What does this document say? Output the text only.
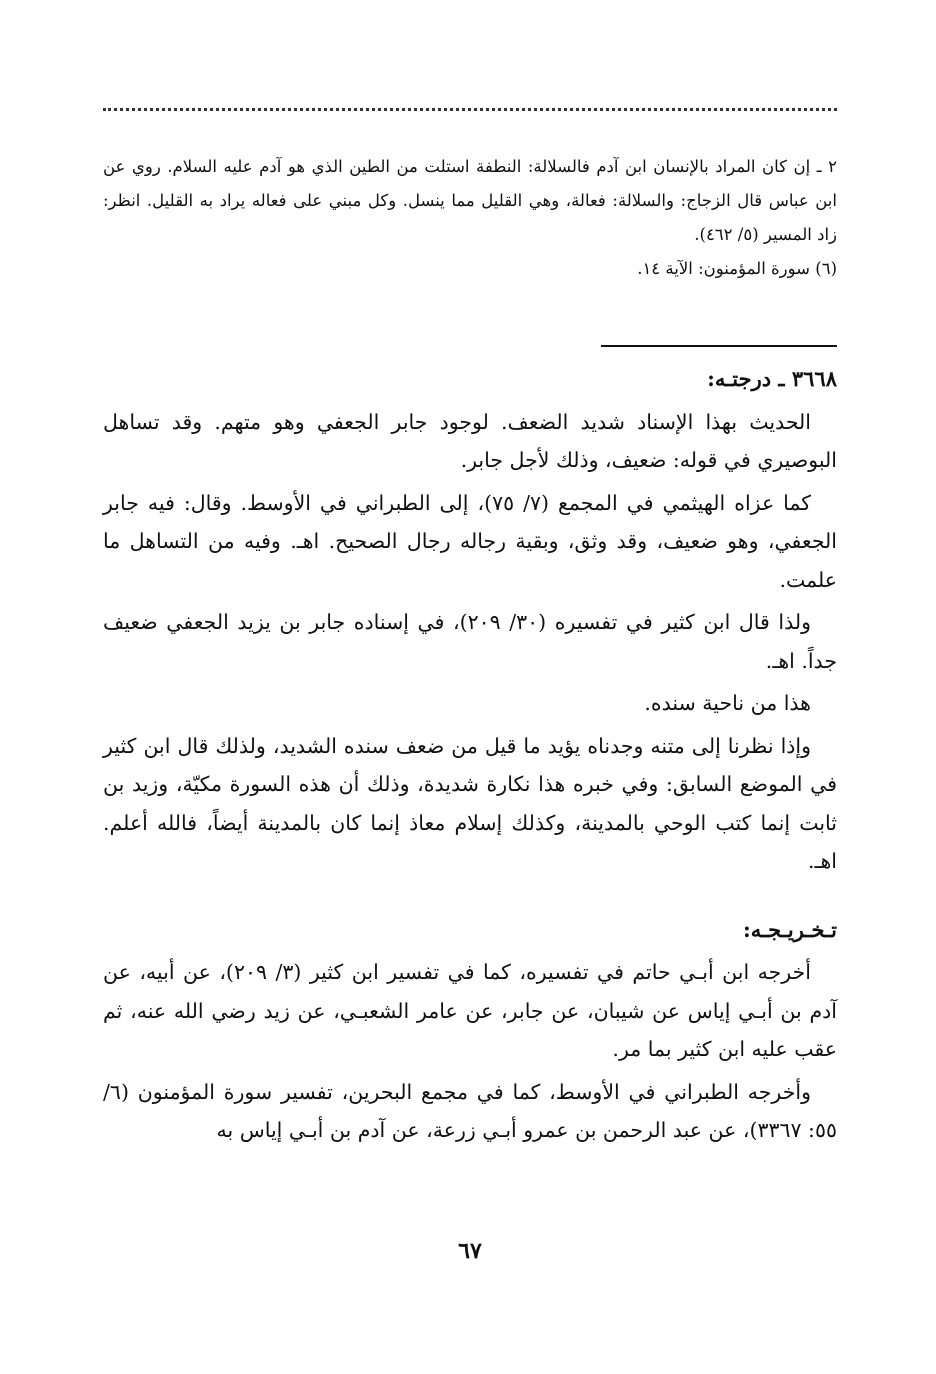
٢ ـ إن كان المراد بالإنسان ابن آدم فالسلالة: النطفة استلت من الطين الذي هو آدم عليه السلام. روي عن ابن عباس قال الزجاج: والسلالة: فعالة، وهي القليل مما ينسل. وكل مبني على فعاله يراد به القليل. انظر: زاد المسير (٥/ ٤٦٢).

(٦) سورة المؤمنون: الآية ١٤.

٣٦٦٨ ـ درجتـه:

الحديث بهذا الإسناد شديد الضعف. لوجود جابر الجعفي وهو متهم. وقد تساهل البوصيري في قوله: ضعيف، وذلك لأجل جابر.

كما عزاه الهيثمي في المجمع (٧/ ٧٥)، إلى الطبراني في الأوسط. وقال: فيه جابر الجعفي، وهو ضعيف، وقد وثق، وبقية رجاله رجال الصحيح. اهـ. وفيه من التساهل ما علمت.

ولذا قال ابن كثير في تفسيره (٣٠/ ٢٠٩)، في إسناده جابر بن يزيد الجعفي ضعيف جداً. اهـ.

هذا من ناحية سنده.

وإذا نظرنا إلى متنه وجدناه يؤيد ما قيل من ضعف سنده الشديد، ولذلك قال ابن كثير في الموضع السابق: وفي خبره هذا نكارة شديدة، وذلك أن هذه السورة مكيّة، وزيد بن ثابت إنما كتب الوحي بالمدينة، وكذلك إسلام معاذ إنما كان بالمدينة أيضاً، فالله أعلم. اهـ.

تـخـريـجـه:

أخرجه ابن أبـي حاتم في تفسيره، كما في تفسير ابن كثير (٣/ ٢٠٩)، عن أبيه، عن آدم بن أبـي إياس عن شيبان، عن جابر، عن عامر الشعبـي، عن زيد رضي الله عنه، ثم عقب عليه ابن كثير بما مر.

وأخرجه الطبراني في الأوسط، كما في مجمع البحرين، تفسير سورة المؤمنون (٦/ ٥٥: ٣٣٦٧)، عن عبد الرحمن بن عمرو أبـي زرعة، عن آدم بن أبـي إياس به

٦٧
